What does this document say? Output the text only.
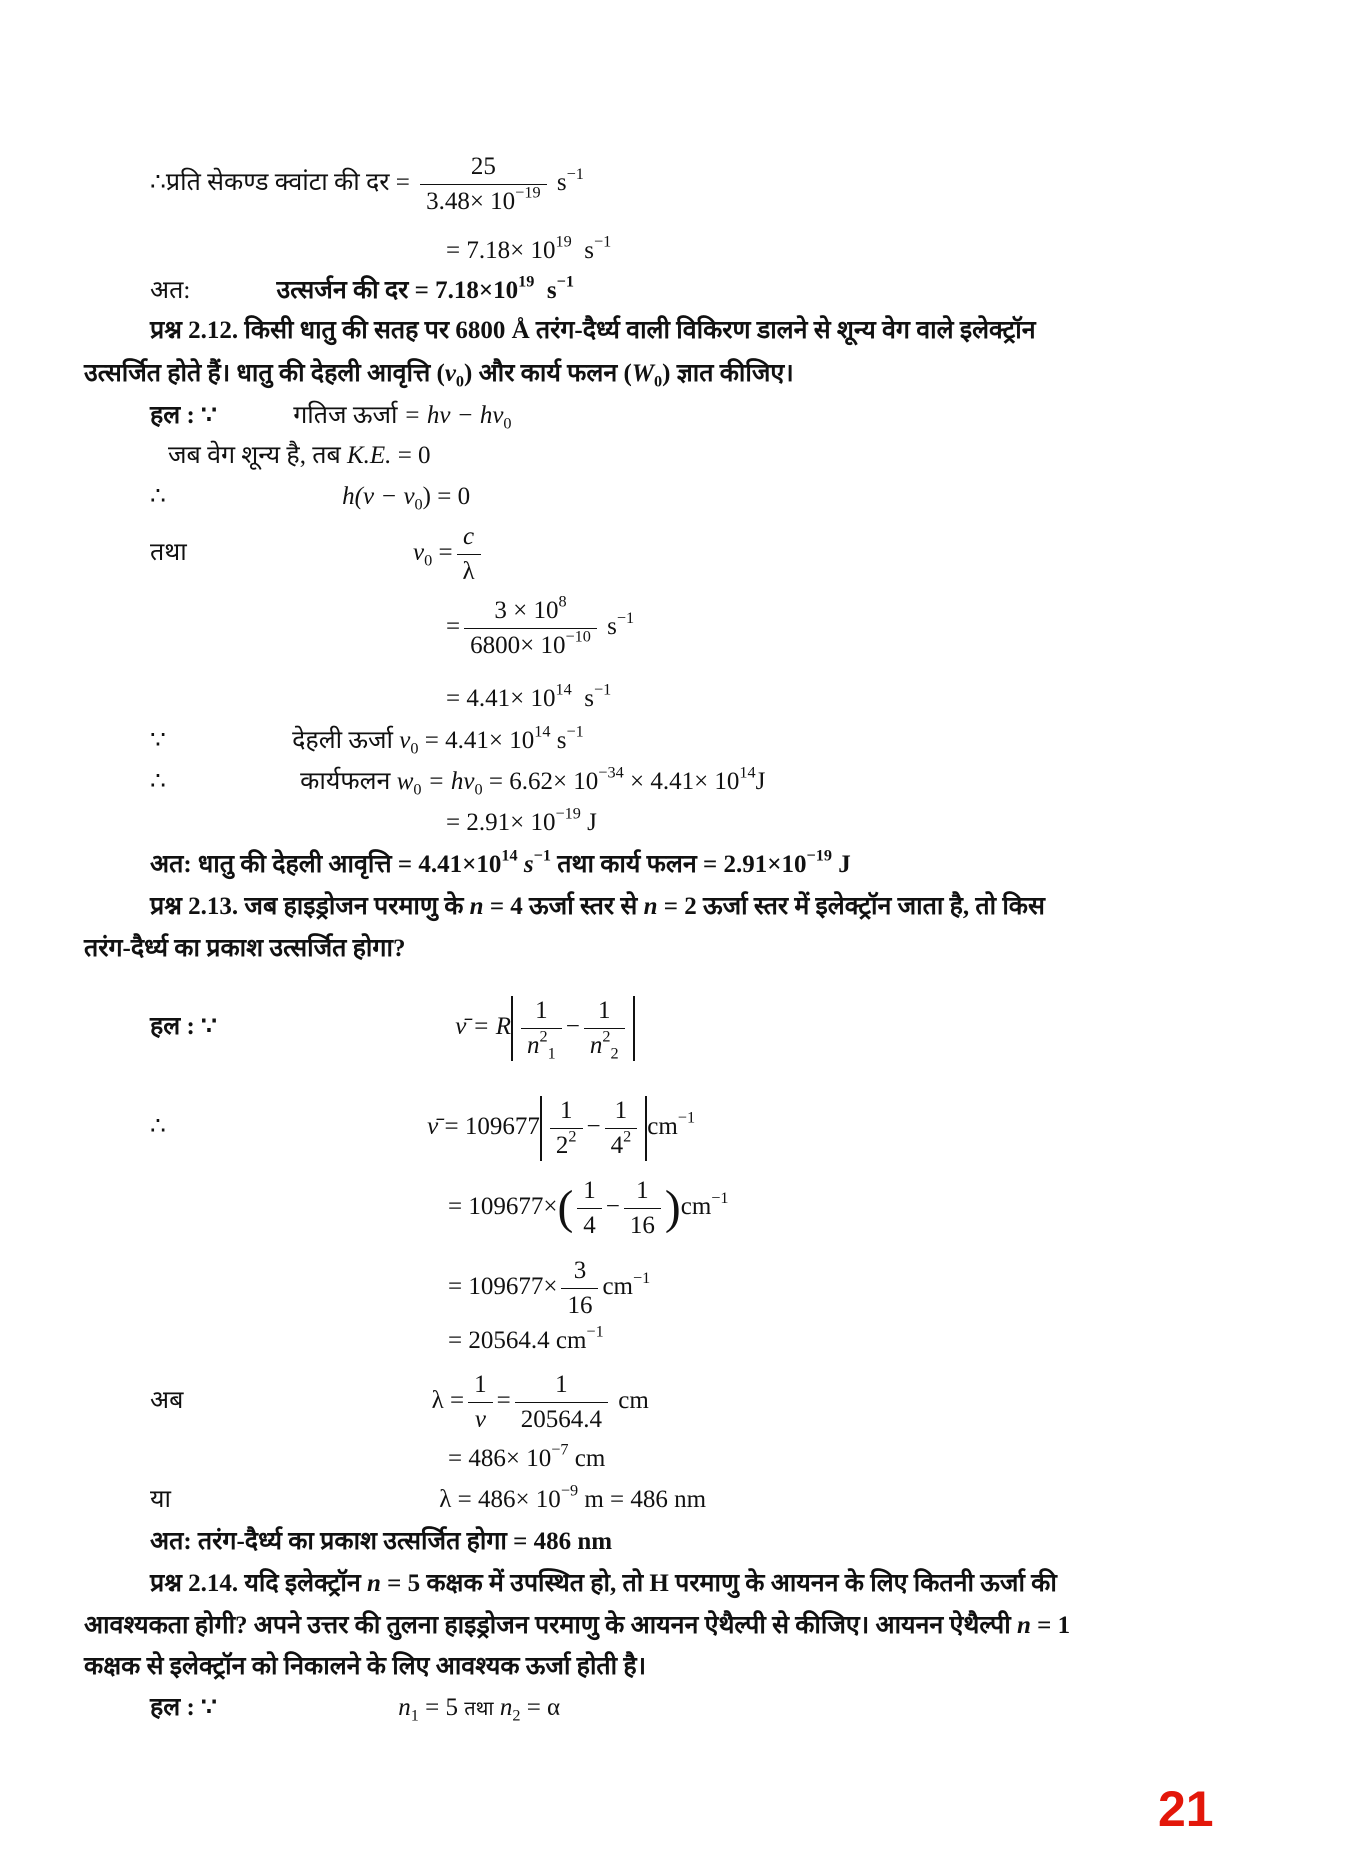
∴प्रति सेकण्ड क्वांटा की दर = $\frac{25}{3.48\times 10^{-19}} s^{-1}$
= $7.18\times 10^{19}$ $s^{-1}$
अत:	उत्सर्जन की दर = $7.18\times 10^{19}$ $s^{-1}$
प्रश्न 2.12. किसी धातु की सतह पर 6800 Å तरंग-दैर्ध्य वाली विकिरण डालने से शून्य वेग वाले इलेक्ट्रॉन
उत्सर्जित होते हैं। धातु की देहली आवृत्ति $(\nu_0)$ और कार्य फलन $(W_0)$ ज्ञात कीजिए।
हल : ∵	गतिज ऊर्जा = $h\nu - h\nu_0$
जब वेग शून्य है, तब K.E. = 0
∴	$h(\nu - \nu_0) = 0$
तथा	$\nu_0 = \frac{c}{\lambda}$
= $\frac{3 \times 10^8}{6800\times 10^{-10}} s^{-1}$
= $4.41\times 10^{14}$ $s^{-1}$
∵	देहली ऊर्जा $\nu_0 = 4.41\times 10^{14}$ $s^{-1}$
∴	कार्यफलन $w_0 = h\nu_0 = 6.62\times 10^{-34} \times 4.41\times 10^{14}J$
= $2.91\times 10^{-19}$ J
अत: धातु की देहली आवृत्ति = $4.41\times 10^{14}$ $s^{-1}$ तथा कार्य फलन = $2.91\times 10^{-19}$ J
प्रश्न 2.13. जब हाइड्रोजन परमाणु के n = 4 ऊर्जा स्तर से n = 2 ऊर्जा स्तर में इलेक्ट्रॉन जाता है, तो किस
तरंग-दैर्ध्य का प्रकाश उत्सर्जित होगा?
हल : ∵	ν̄ = R $\frac{1}{n^2_1} - \frac{1}{n^2_2}$
∴	ν̄ = $109677 \frac{1}{2^2} - \frac{1}{4^2} cm^{-1}$
= $109677\times( \frac{1}{4} - \frac{1}{16} )cm^{-1}$
= $109677\times \frac{3}{16} cm^{-1}$
= 20564.4 $cm^{-1}$
अब	$\lambda = \frac{1}{\nu} = \frac{1}{20564.4}$ cm
= $486\times 10^{-7}$ cm
या	$\lambda = 486\times 10^{-9}$ m = 486 nm
अत: तरंग-दैर्ध्य का प्रकाश उत्सर्जित होगा = 486 nm
प्रश्न 2.14. यदि इलेक्ट्रॉन n = 5 कक्षक में उपस्थित हो, तो H परमाणु के आयनन के लिए कितनी ऊर्जा की
आवश्यकता होगी? अपने उत्तर की तुलना हाइड्रोजन परमाणु के आयनन ऐथैल्पी से कीजिए। आयनन ऐथैल्पी n = 1
कक्षक से इलेक्ट्रॉन को निकालने के लिए आवश्यक ऊर्जा होती है।
हल : ∵	$n_1 = 5$ तथा $n_2 = \alpha$
21
